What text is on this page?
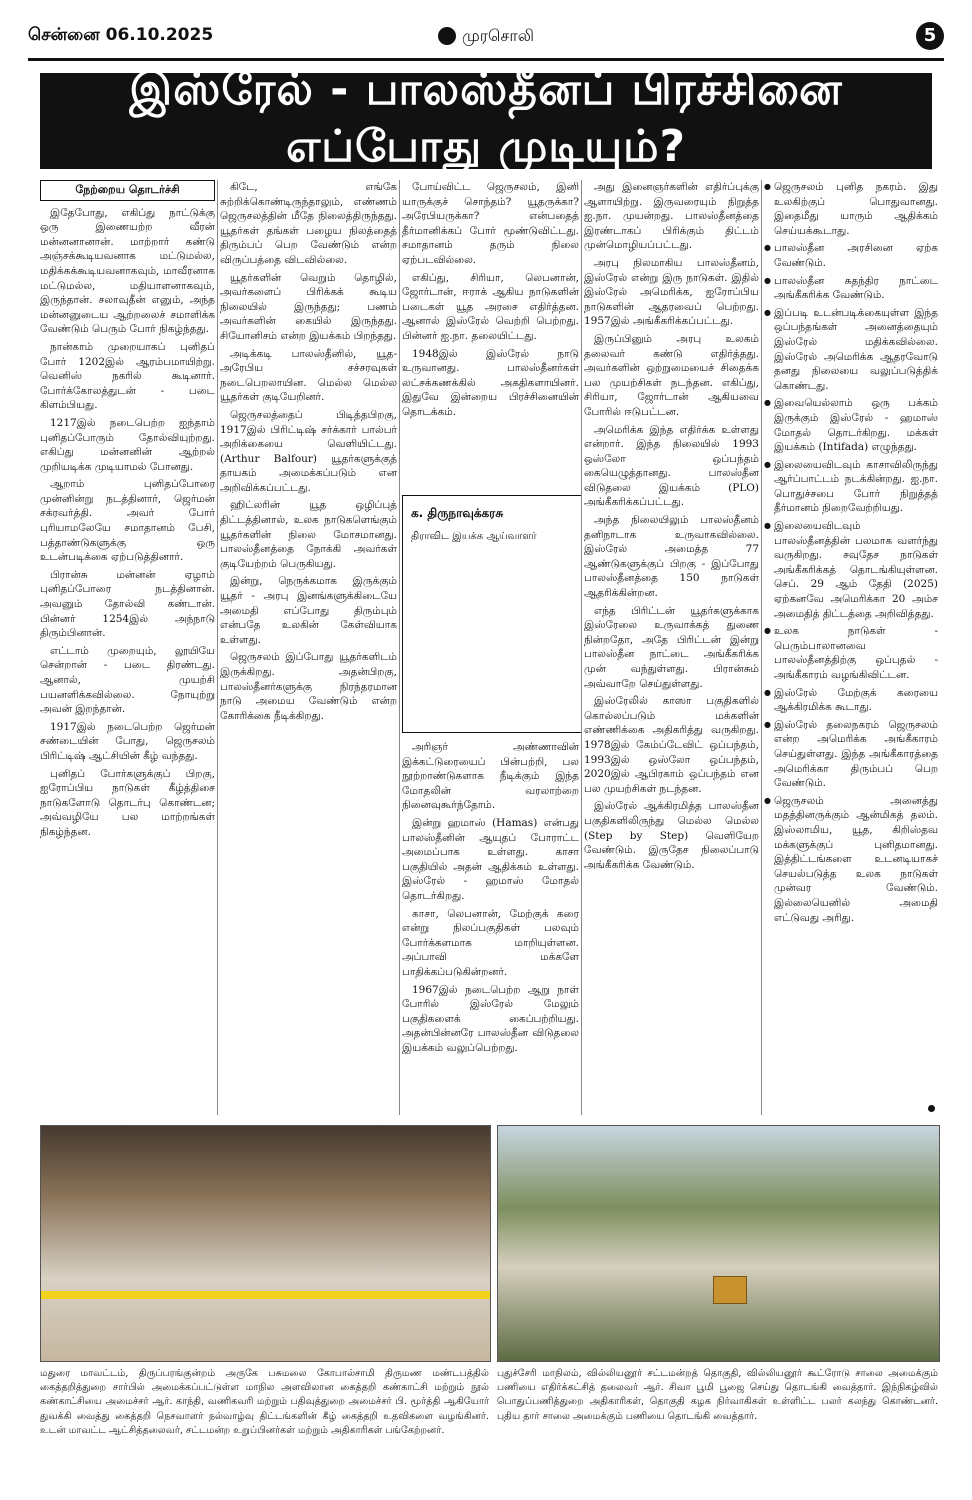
சென்னை 06.10.2025	முரசொலி	5
இஸ்ரேல் - பாலஸ்தீனப் பிரச்சினை எப்போது முடியும்?
நேற்றைய தொடர்ச்சி

இதேபோது, எகிப்து நாட்டுக்கு ஒரு இணையற்ற வீரன் மன்னனானான். மாற்றார் கண்டு அஞ்சக்கூடியவனாக மட்டுமல்ல, மதிக்கக்கூடியவனாகவும், மாவீரனாக மட்டுமல்ல, மதியாளனாகவும், இருந்தான். சலாவுதீன் எனும், அந்த மன்னனுடைய ஆற்றலைச் சமாளிக்க வேண்டும் பெரும் போர் நிகழ்ந்தது.

நான்காம் முறையாகப் புனிதப் போர் 1202இல் ஆரம்பமாயிற்று. வெனிஸ் நகரில் கூடினார். போர்க்கோலத்துடன் - படை கிளம்பியது.

1217இல் நடைபெற்ற ஐந்தாம் புனிதப்போரும் தோல்வியுற்றது. எகிப்து மன்னனின் ஆற்றல் முறியடிக்க முடியாமல் போனது.

ஆறாம் புனிதப்போரை முன்னின்று நடத்தினார், ஜெர்மன் சக்ரவர்த்தி. அவர் போர் புரியாமலேயே சமாதானம் பேசி, பத்தாண்டுகளுக்கு ஒரு உடன்படிக்கை ஏற்படுத்தினார்.

பிரான்சு மன்னன் ஏழாம் புனிதப்போரை நடத்தினான். அவனும் தோல்வி கண்டான். பின்னர் 1254இல் அந்நாடு திரும்பினான்.

எட்டாம் முறையும், லூயியே சென்றான் - படை திரண்டது. ஆனால், முயற்சி பயனளிக்கவில்லை. நோயுற்று அவன் இறந்தான்.

1917இல் நடைபெற்ற ஜெர்மன் சண்டையின் போது, ஜெருசலம் பிரிட்டிஷ் ஆட்சியின் கீழ் வந்தது.

புனிதப் போர்களுக்குப் பிறகு, ஐரோப்பிய நாடுகள் கீழ்த்திசை நாடுகளோடு தொடர்பு கொண்டன; அவ்வழியே பல மாற்றங்கள் நிகழ்ந்தன.

கிடே, எங்கே சுற்றிக்கொண்டிருந்தாலும், எண்ணம் ஜெருசலத்தின் மீதே நிலைத்திருந்தது. யூதர்கள் தங்கள் பழைய நிலத்தைத் திரும்பப் பெற வேண்டும் என்ற விருப்பத்தை விடவில்லை.

யூதர்களின் வெறும் தொழில், அவர்களைப் பிரிக்கக் கூடிய நிலையில் இருந்தது; பணம் அவர்களின் கையில் இருந்தது. சியோனிசம் என்ற இயக்கம் பிறந்தது.

அடிக்கடி பாலஸ்தீனில், யூத-அரேபிய சச்சரவுகள் நடைபெறலாயின. மெல்ல மெல்ல யூதர்கள் குடியேறினர்.

ஜெருசலத்தைப் பிடித்தபிறகு, 1917இல் பிரிட்டிஷ் சர்க்கார் பால்பர் அறிக்கையை வெளியிட்டது. (Arthur Balfour) யூதர்களுக்குத் தாயகம் அமைக்கப்படும் என அறிவிக்கப்பட்டது.

ஹிட்லரின் யூத ஒழிப்புத் திட்டத்தினால், உலக நாடுகளெங்கும் யூதர்களின் நிலை மோசமானது. பாலஸ்தீனத்தை நோக்கி அவர்கள் குடியேற்றம் பெருகியது.

இன்று, நெருக்கமாக இருக்கும் யூதர் - அரபு இனங்களுக்கிடையே அமைதி எப்போது திரும்பும் என்பதே உலகின் கேள்வியாக உள்ளது.

ஜெருசலம் இப்போது யூதர்களிடம் இருக்கிறது. அதன்பிறகு, பாலஸ்தீனர்களுக்கு நிரந்தரமான நாடு அமைய வேண்டும் என்ற கோரிக்கை நீடிக்கிறது.

போய்விட்ட ஜெருசலம், இனி யாருக்குச் சொந்தம்? யூதருக்கா? அரேபியருக்கா? என்பதைத் தீர்மானிக்கப் போர் மூண்டுவிட்டது. சமாதானம் தரும் நிலை ஏற்படவில்லை.

எகிப்து, சிரியா, லெபனான், ஜோர்டான், ஈராக் ஆகிய நாடுகளின் படைகள் யூத அரசை எதிர்த்தன. ஆனால் இஸ்ரேல் வெற்றி பெற்றது. பின்னர் ஐ.நா. தலையிட்டது.

1948இல் இஸ்ரேல் நாடு உருவானது. பாலஸ்தீனர்கள் லட்சக்கணக்கில் அகதிகளாயினர். இதுவே இன்றைய பிரச்சினையின் தொடக்கம்.

அரிஞர் அண்ணாவின் இக்கட்டுரையைப் பின்பற்றி, பல நூற்றாண்டுகளாக நீடிக்கும் இந்த மோதலின் வரலாற்றை நினைவுகூர்ந்தோம்.

இன்று ஹமாஸ் (Hamas) என்பது பாலஸ்தீனின் ஆயுதப் போராட்ட அமைப்பாக உள்ளது. காசா பகுதியில் அதன் ஆதிக்கம் உள்ளது. இஸ்ரேல் - ஹமாஸ் மோதல் தொடர்கிறது.

காசா, லெபனான், மேற்குக் கரை என்று நிலப்பகுதிகள் பலவும் போர்க்களமாக மாறியுள்ளன. அப்பாவி மக்களே பாதிக்கப்படுகின்றனர்.

1967இல் நடைபெற்ற ஆறு நாள் போரில் இஸ்ரேல் மேலும் பகுதிகளைக் கைப்பற்றியது. அதன்பின்னரே பாலஸ்தீன விடுதலை இயக்கம் வலுப்பெற்றது.

க. திருநாவுக்கரசு
திராவிட இயக்க ஆய்வாளர்

அது இனைஞர்களின் எதிர்ப்புக்கு ஆளாயிற்று. இருவரையும் நிறுத்த ஐ.நா. முயன்றது. பாலஸ்தீனத்தை இரண்டாகப் பிரிக்கும் திட்டம் முன்மொழியப்பட்டது.

அரபு நிலமாகிய பாலஸ்தீனம், இஸ்ரேல் என்று இரு நாடுகள். இதில் இஸ்ரேல் அமெரிக்க, ஐரோப்பிய நாடுகளின் ஆதரவைப் பெற்றது. 1957இல் அங்கீகரிக்கப்பட்டது.

இருப்பினும் அரபு உலகம் தலைவர் கண்டு எதிர்த்தது. அவர்களின் ஒற்றுமையைச் சிதைக்க பல முயற்சிகள் நடந்தன. எகிப்து, சிரியா, ஜோர்டான் ஆகியவை போரில் ஈடுபட்டன.

அமெரிக்க இந்த எதிர்க்க உள்ளது என்றார். இந்த நிலையில் 1993 ஒஸ்லோ ஒப்பந்தம் கையெழுத்தானது. பாலஸ்தீன விடுதலை இயக்கம் (PLO) அங்கீகரிக்கப்பட்டது.

அந்த நிலையிலும் பாலஸ்தீனம் தனிநாடாக உருவாகவில்லை. இஸ்ரேல் அமைத்த 77 ஆண்டுகளுக்குப் பிறகு - இப்போது பாலஸ்தீனத்தை 150 நாடுகள் ஆதரிக்கின்றன.

எந்த பிரிட்டன் யூதர்களுக்காக இஸ்ரேலை உருவாக்கத் துணை நின்றதோ, அதே பிரிட்டன் இன்று பாலஸ்தீன நாட்டை அங்கீகரிக்க முன் வந்துள்ளது. பிரான்சும் அவ்வாறே செய்துள்ளது.

இஸ்ரேலில் காஸா பகுதிகளில் கொல்லப்படும் மக்களின் எண்ணிக்கை அதிகரித்து வருகிறது. 1978இல் கேம்ப்டேவிட் ஒப்பந்தம், 1993இல் ஒஸ்லோ ஒப்பந்தம், 2020இல் ஆபிரகாம் ஒப்பந்தம் என பல முயற்சிகள் நடந்தன.

இஸ்ரேல் ஆக்கிரமித்த பாலஸ்தீன பகுதிகளிலிருந்து மெல்ல மெல்ல (Step by Step) வெளியேற வேண்டும். இருதேச நிலைப்பாடு அங்கீகரிக்க வேண்டும்.

● ஜெருசலம் புனித நகரம். இது உலகிற்குப் பொதுவானது. இதைமீது யாரும் ஆதிக்கம் செய்யக்கூடாது.
● பாலஸ்தீன அரசினை ஏற்க வேண்டும்.
● பாலஸ்தீன சுதந்திர நாட்டை அங்கீகரிக்க வேண்டும்.
● இப்படி உடன்படிக்கையுள்ள இந்த ஒப்பந்தங்கள் அனைத்தையும் இஸ்ரேல் மதிக்கவில்லை. இஸ்ரேல் அமெரிக்க ஆதரவோடு தனது நிலையை வலுப்படுத்திக் கொண்டது.
● இவையெல்லாம் ஒரு பக்கம் இருக்கும் இஸ்ரேல் - ஹமாஸ் மோதல் தொடர்கிறது. மக்கள் இயக்கம் (Intifada) எழுந்தது.
● இலையைவிடவும் காசாவிலிருந்து ஆர்ப்பாட்டம் நடக்கின்றது. ஐ.நா. பொதுச்சபை போர் நிறுத்தத் தீர்மானம் நிறைவேற்றியது.
● இலையைவிடவும் பாலஸ்தீனத்தின் பலமாக வளர்ந்து வருகிறது. சவுதேச நாடுகள் அங்கீகரிக்கத் தொடங்கியுள்ளன. செப். 29 ஆம் தேதி (2025) ஏற்கனவே அமெரிக்கா 20 அம்ச அமைதித் திட்டத்தை அறிவித்தது.
● உலக நாடுகள் - பெரும்பாலானவை பாலஸ்தீனத்திற்கு ஒப்புதல் - அங்கீகாரம் வழங்கிவிட்டன.
● இஸ்ரேல் மேற்குக் கரையை ஆக்கிரமிக்க கூடாது.
● இஸ்ரேல் தலைநகரம் ஜெருசலம் என்ற அமெரிக்க அங்கீகாரம் செய்துள்ளது. இந்த அங்கீகாரத்தை அமெரிக்கா திரும்பப் பெற வேண்டும்.
● ஜெருசலம் அனைத்து மதத்தினருக்கும் ஆன்மிகத் தலம். இஸ்லாமிய, யூத, கிறிஸ்தவ மக்களுக்குப் புனிதமானது. இத்திட்டங்களை உடனடியாகச் செயல்படுத்த உலக நாடுகள் முன்வர வேண்டும். இல்லையெனில் அமைதி எட்டுவது அரிது.
மதுரை மாவட்டம், திருப்பரங்குன்றம் அருகே பசுமலை கோபால்சாமி திருமண மண்டபத்தில் கைத்தறித்துறை சார்பில் அமைக்கப்பட்டுள்ள மாநில அளவிலான கைத்தறி கண்காட்சி மற்றும் நூல் கண்காட்சியை அமைச்சர் ஆர். காந்தி, வணிகவரி மற்றும் பதிவுத்துறை அமைச்சர் பி. மூர்த்தி ஆகியோர் துவக்கி வைத்து கைத்தறி நெசவாளர் நல்வாழ்வு திட்டங்களின் கீழ் கைத்தறி உதவிகளை வழங்கினர். உடன் மாவட்ட ஆட்சித்தலைவர், சட்டமன்ற உறுப்பினர்கள் மற்றும் அதிகாரிகள் பங்கேற்றனர்.
புதுச்சேரி மாநிலம், வில்லியனூர் சட்டமன்றத் தொகுதி, வில்லியனூர் கூட்ரோடு சாலை அமைக்கும் பணியை எதிர்க்கட்சித் தலைவர் ஆர். சிவா பூமி பூஜை செய்து தொடங்கி வைத்தார். இந்நிகழ்வில் பொதுப்பணித்துறை அதிகாரிகள், தொகுதி கழக நிர்வாகிகள் உள்ளிட்ட பலர் கலந்து கொண்டனர். புதிய தார் சாலை அமைக்கும் பணியை தொடங்கி வைத்தார்.
